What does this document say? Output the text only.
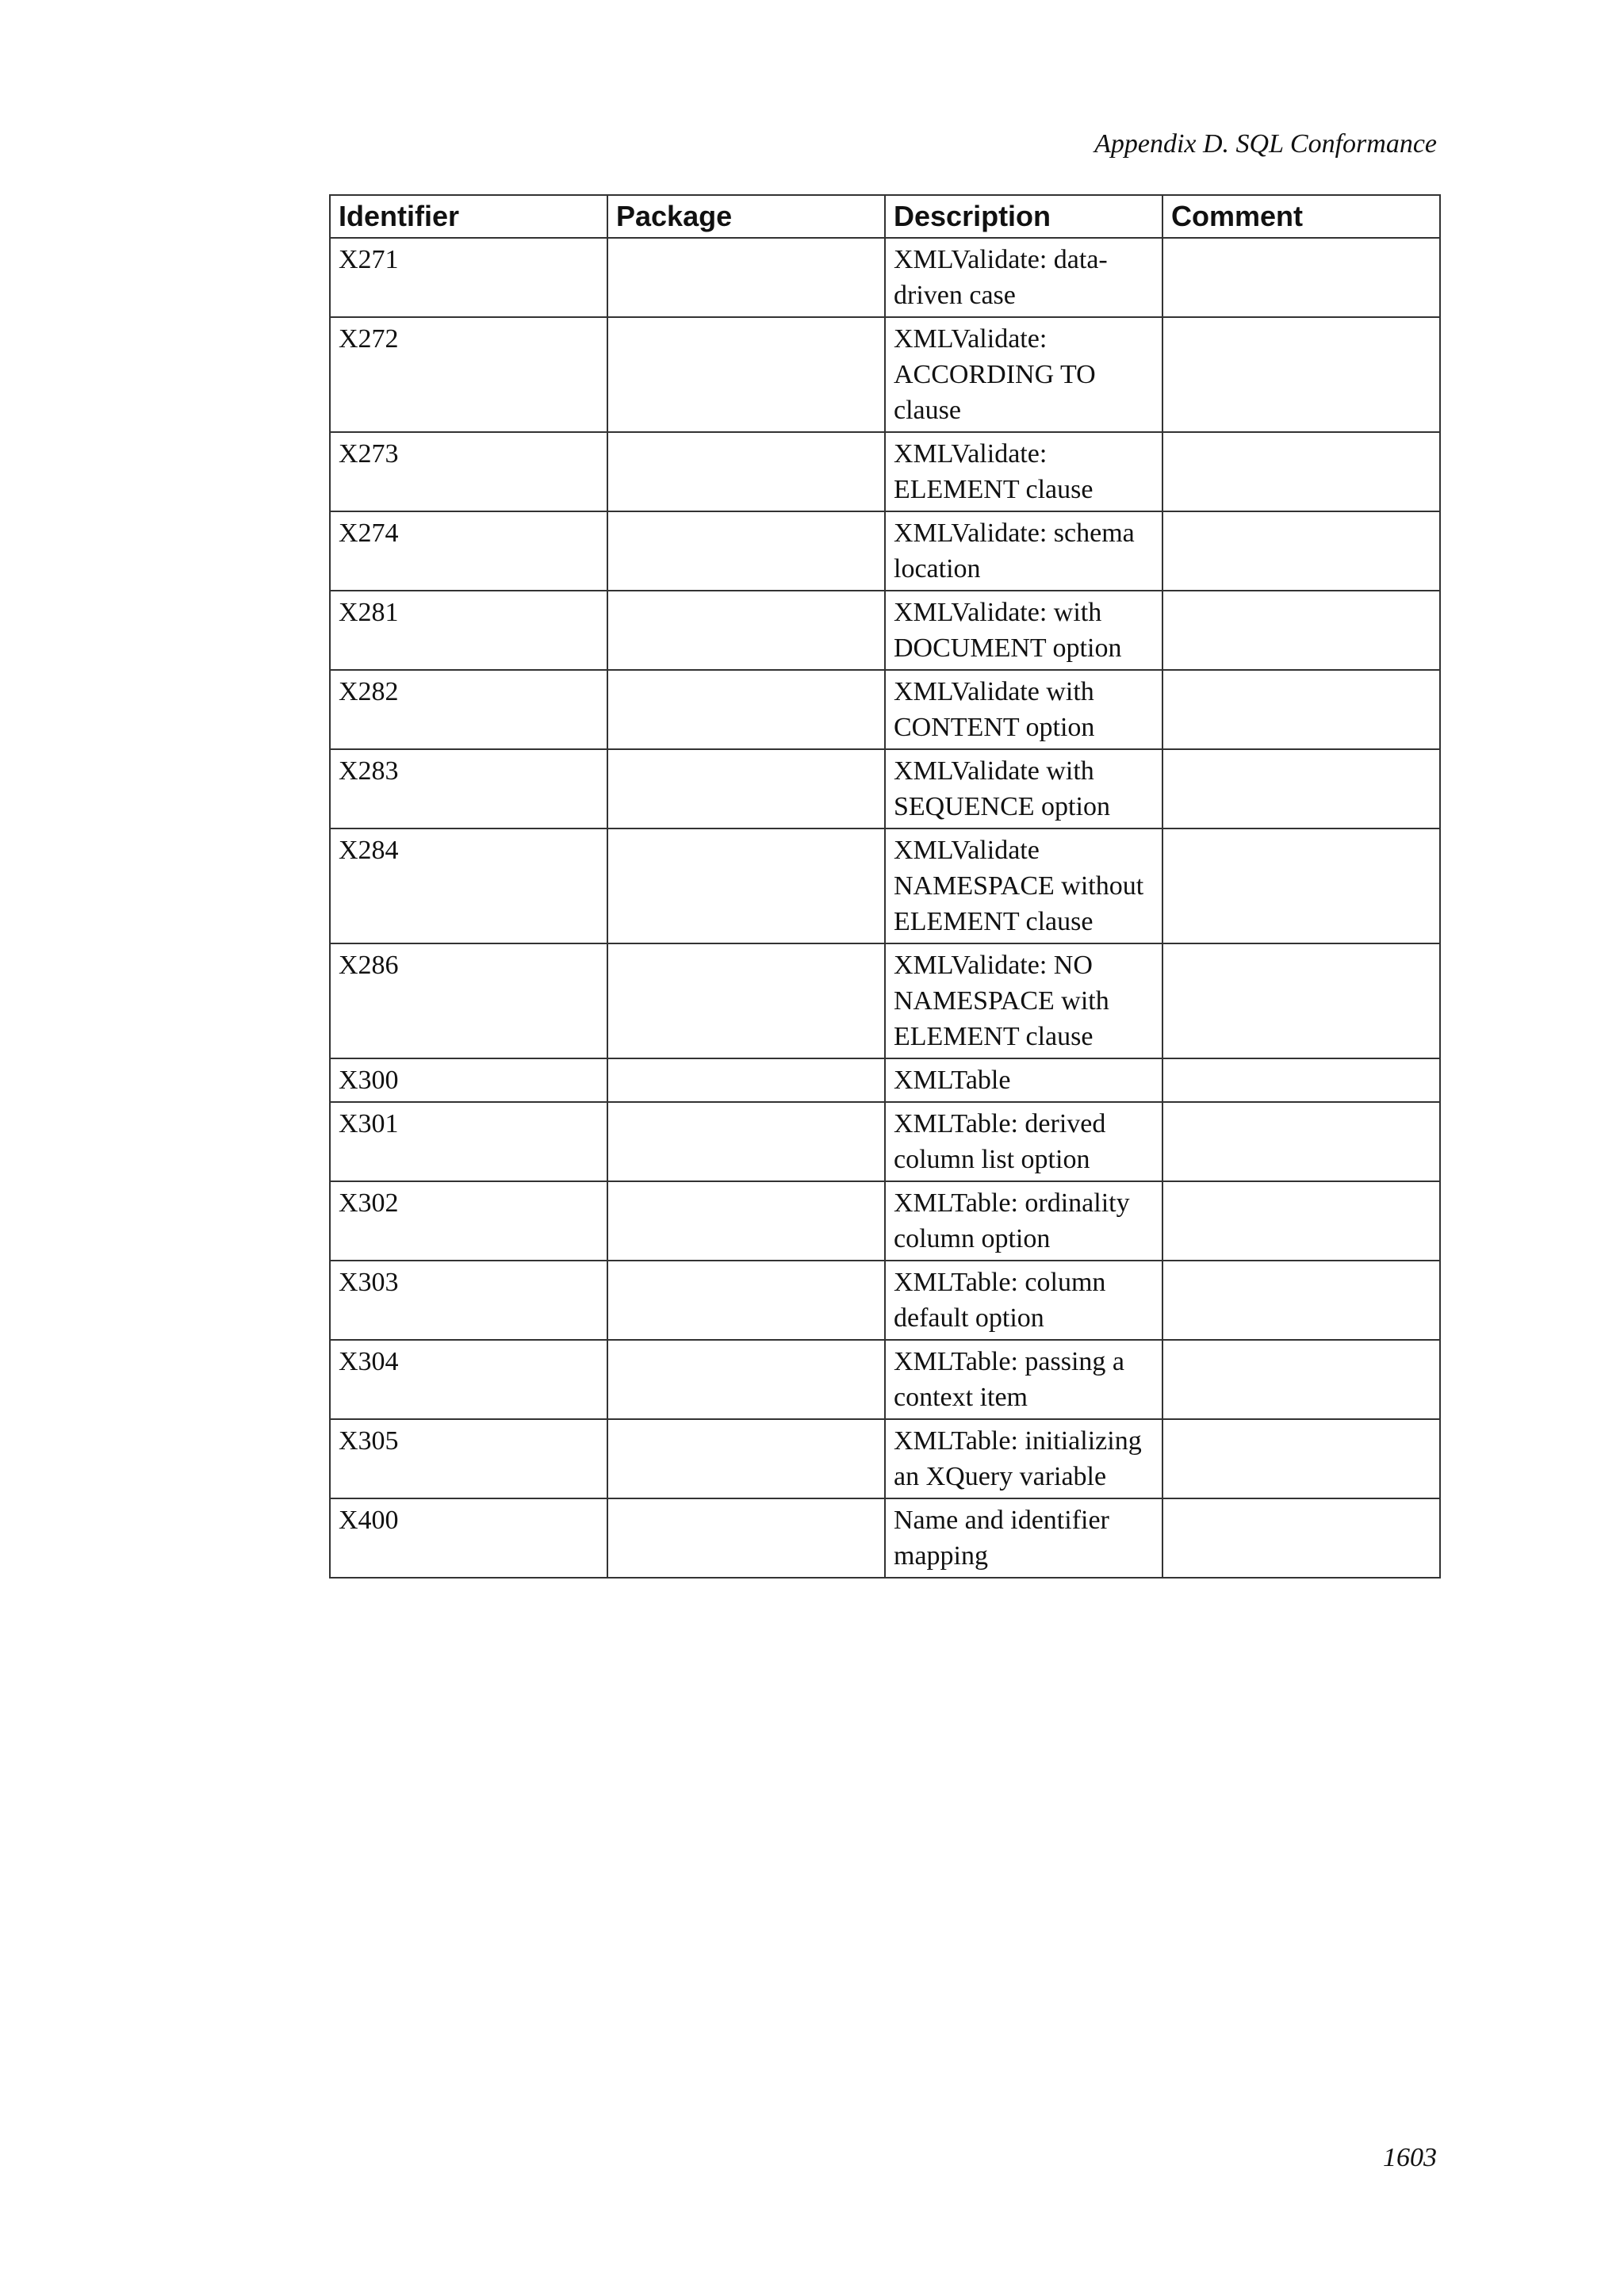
Appendix D. SQL Conformance
Identifier	Package	Description	Comment
X271		XMLValidate: data-driven case	
X272		XMLValidate: ACCORDING TO clause	
X273		XMLValidate: ELEMENT clause	
X274		XMLValidate: schema location	
X281		XMLValidate: with DOCUMENT option	
X282		XMLValidate with CONTENT option	
X283		XMLValidate with SEQUENCE option	
X284		XMLValidate NAMESPACE without ELEMENT clause	
X286		XMLValidate: NO NAMESPACE with ELEMENT clause	
X300		XMLTable	
X301		XMLTable: derived column list option	
X302		XMLTable: ordinality column option	
X303		XMLTable: column default option	
X304		XMLTable: passing a context item	
X305		XMLTable: initializing an XQuery variable	
X400		Name and identifier mapping	
1603
